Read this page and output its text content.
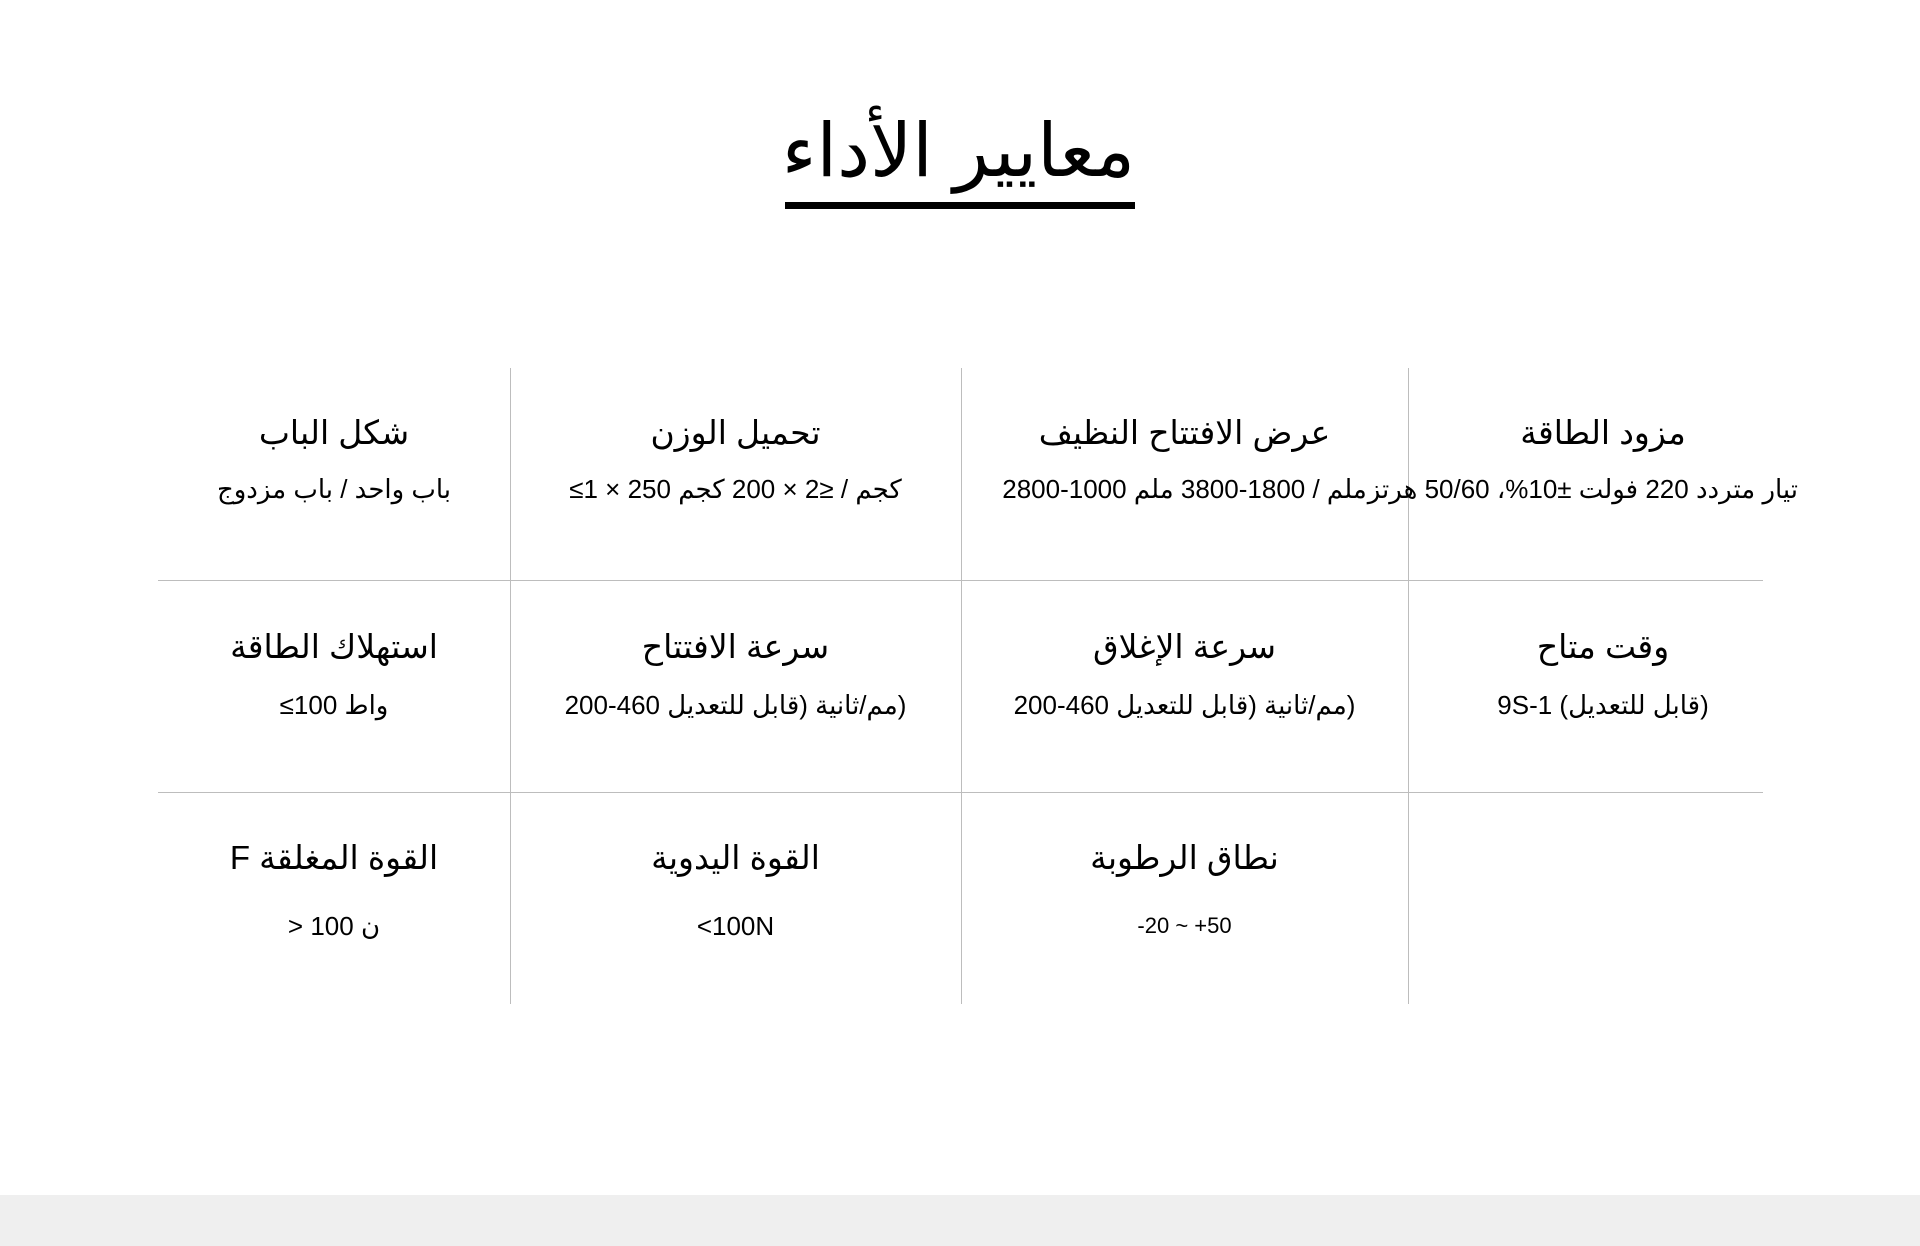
معايير الأداء
مزود الطاقة
تيار متردد 220 فولت ±10%، 50/60 هرتز
عرض الافتتاح النظيف
ملم / 1800-3800 ملم 1000-2800
تحميل الوزن
كجم / ≤2 × 200 كجم 250 × 1≥
شكل الباب
باب واحد / باب مزدوج
وقت متاح
(قابل للتعديل) 1-9S
سرعة الإغلاق
(مم/ثانية (قابل للتعديل 460-200
سرعة الافتتاح
(مم/ثانية (قابل للتعديل 460-200
استهلاك الطاقة
واط 100≥
نطاق الرطوبة
-20 ~ +50
القوة اليدوية
<100N
القوة المغلقة F
ن 100 <
